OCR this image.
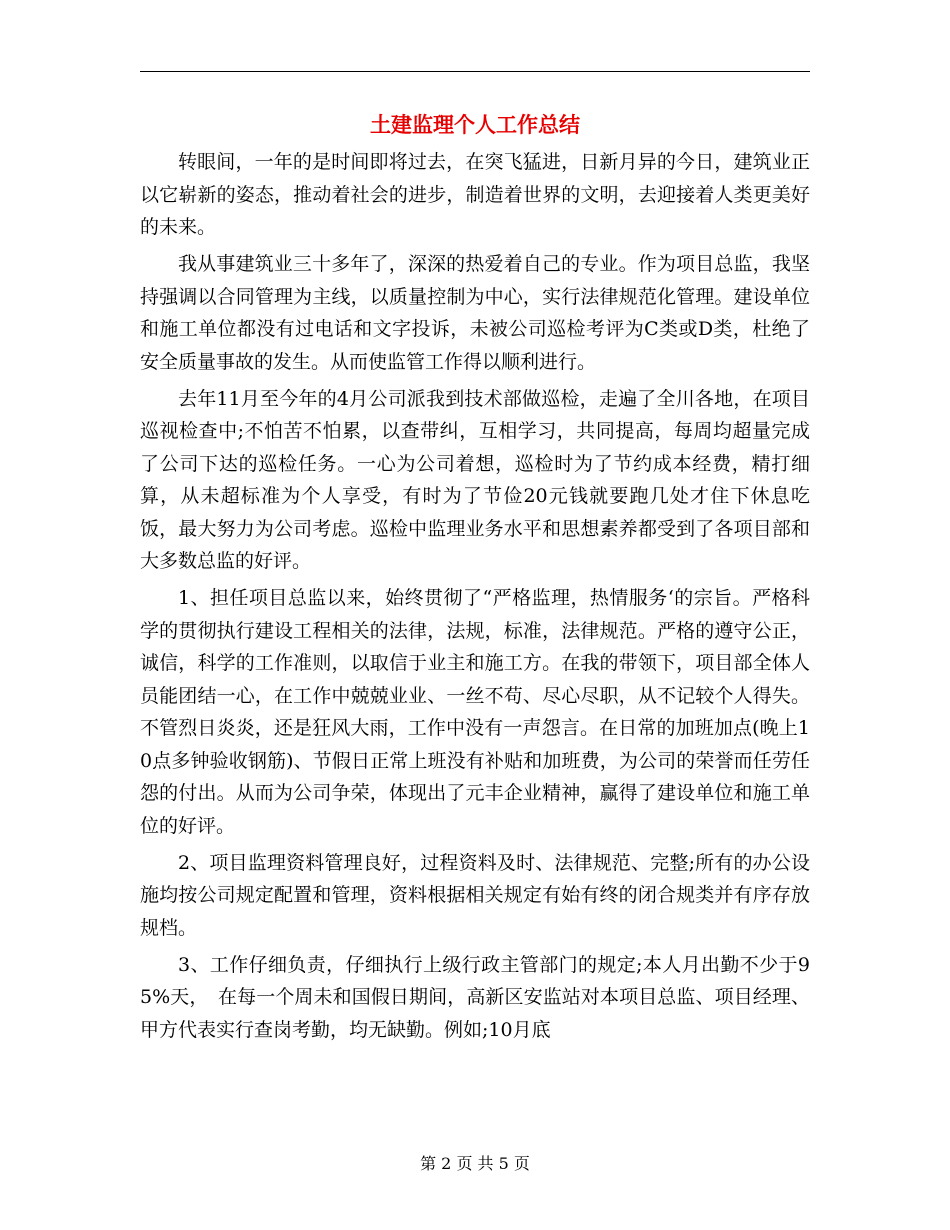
土建监理个人工作总结

转眼间，一年的是时间即将过去，在突飞猛进，日新月异的今日，建筑业正以它崭新的姿态，推动着社会的进步，制造着世界的文明，去迎接着人类更美好的未来。

我从事建筑业三十多年了，深深的热爱着自己的专业。作为项目总监，我坚持强调以合同管理为主线，以质量控制为中心，实行法律规范化管理。建设单位和施工单位都没有过电话和文字投诉，未被公司巡检考评为C类或D类，杜绝了安全质量事故的发生。从而使监管工作得以顺利进行。

去年11月至今年的4月公司派我到技术部做巡检，走遍了全川各地，在项目巡视检查中;不怕苦不怕累，以查带纠，互相学习，共同提高，每周均超量完成了公司下达的巡检任务。一心为公司着想，巡检时为了节约成本经费，精打细算，从未超标准为个人享受，有时为了节俭20元钱就要跑几处才住下休息吃饭，最大努力为公司考虑。巡检中监理业务水平和思想素养都受到了各项目部和大多数总监的好评。

1、担任项目总监以来，始终贯彻了“严格监理，热情服务‘的宗旨。严格科学的贯彻执行建设工程相关的法律，法规，标准，法律规范。严格的遵守公正，诚信，科学的工作准则，以取信于业主和施工方。在我的带领下，项目部全体人员能团结一心，在工作中兢兢业业、一丝不苟、尽心尽职，从不记较个人得失。不管烈日炎炎，还是狂风大雨，工作中没有一声怨言。在日常的加班加点(晚上10点多钟验收钢筋)、节假日正常上班没有补贴和加班费，为公司的荣誉而任劳任怨的付出。从而为公司争荣，体现出了元丰企业精神，赢得了建设单位和施工单位的好评。

2、项目监理资料管理良好，过程资料及时、法律规范、完整;所有的办公设施均按公司规定配置和管理，资料根据相关规定有始有终的闭合规类并有序存放规档。

3、工作仔细负责，仔细执行上级行政主管部门的规定;本人月出勤不少于95%天，　在每一个周未和国假日期间，高新区安监站对本项目总监、项目经理、甲方代表实行查岗考勤，均无缺勤。例如;10月底

第 2 页 共 5 页
